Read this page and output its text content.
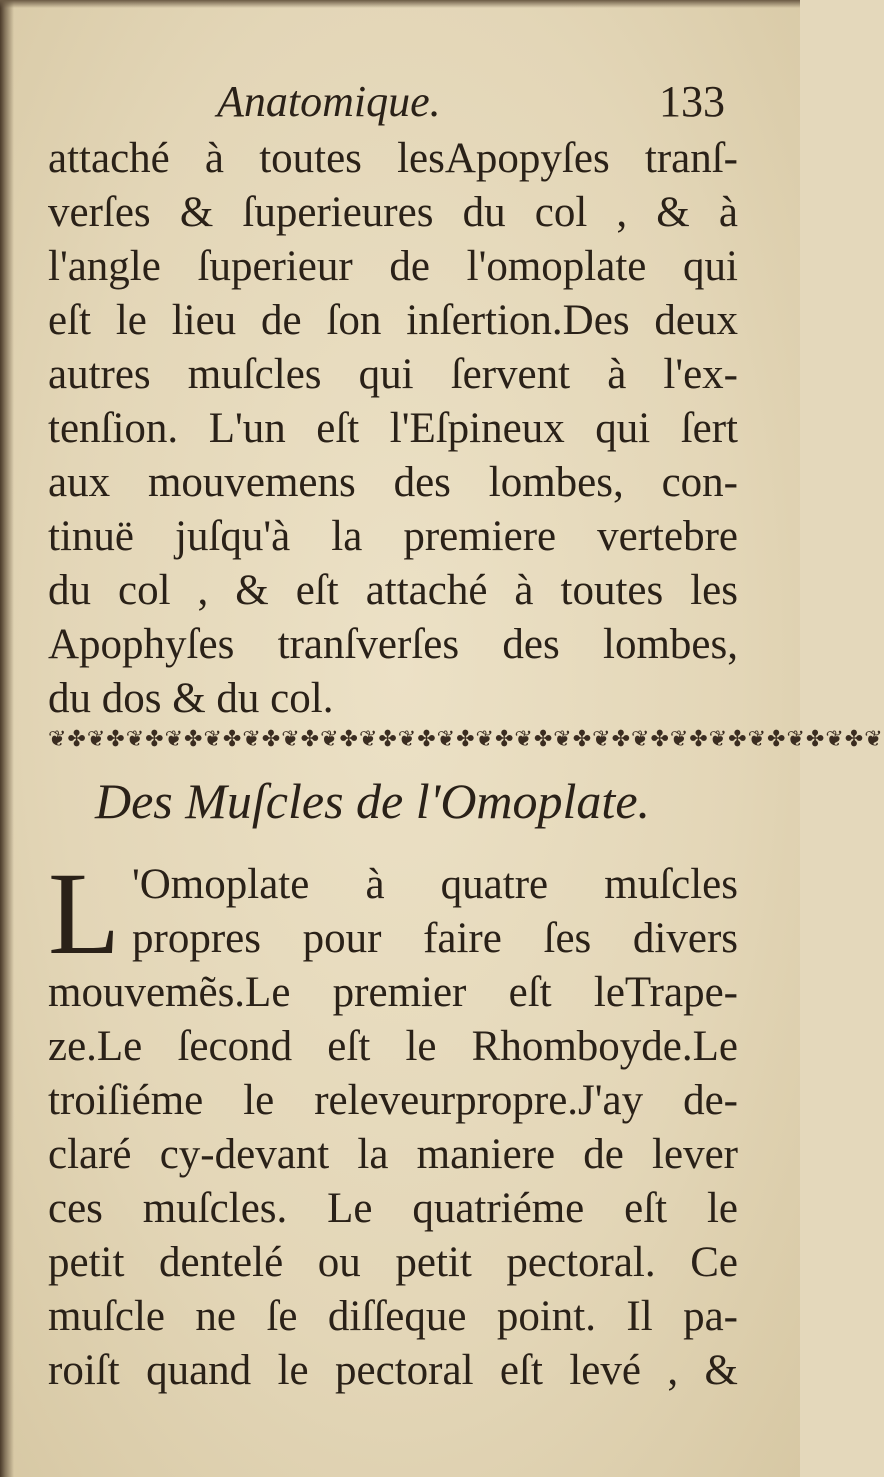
Anatomique.	133
attaché à toutes lesApopyſes tranſ-
verſes & ſuperieures du col , & à
l'angle ſuperieur de l'omoplate qui
eſt le lieu de ſon inſertion.Des deux
autres muſcles qui ſervent à l'ex-
tenſion. L'un eſt l'Eſpineux qui ſert
aux mouvemens des lombes, con-
tinuë juſqu'à la premiere vertebre
du col , & eſt attaché à toutes les
Apophyſes tranſverſes des lombes,
du dos & du col.
❦✤❦✤❦✤❦✤❦✤❦✤❦✤❦✤❦✤❦✤❦✤❦✤❦✤❦✤❦✤❦✤❦✤❦✤❦✤❦✤❦✤❦
Des Muſcles de l'Omoplate.
L 'Omoplate à quatre muſcles
propres pour faire ſes divers
mouvemẽs.Le premier eſt leTrape-
ze.Le ſecond eſt le Rhomboyde.Le
troiſiéme le releveurpropre.J'ay de-
claré cy-devant la maniere de lever
ces muſcles. Le quatriéme eſt le
petit dentelé ou petit pectoral. Ce
muſcle ne ſe diſſeque point. Il pa-
roiſt quand le pectoral eſt levé , &
